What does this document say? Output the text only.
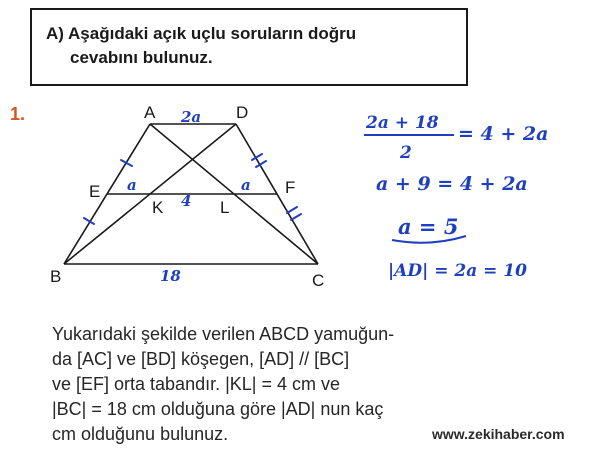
A) Aşağıdaki açık uçlu soruların doğru
cevabını bulunuz.
1.	A	D
B	C
E	F
K	L
2a
18
4
a	a
2a + 18
2
= 4 + 2a
a + 9 = 4 + 2a
a = 5
|AD| = 2a = 10
Yukarıdaki şekilde verilen ABCD yamuğun-
da [AC] ve [BD] köşegen, [AD] // [BC]
ve [EF] orta tabandır. |KL| = 4 cm ve
|BC| = 18 cm olduğuna göre |AD| nun kaç
cm olduğunu bulunuz.	www.zekihaber.com
